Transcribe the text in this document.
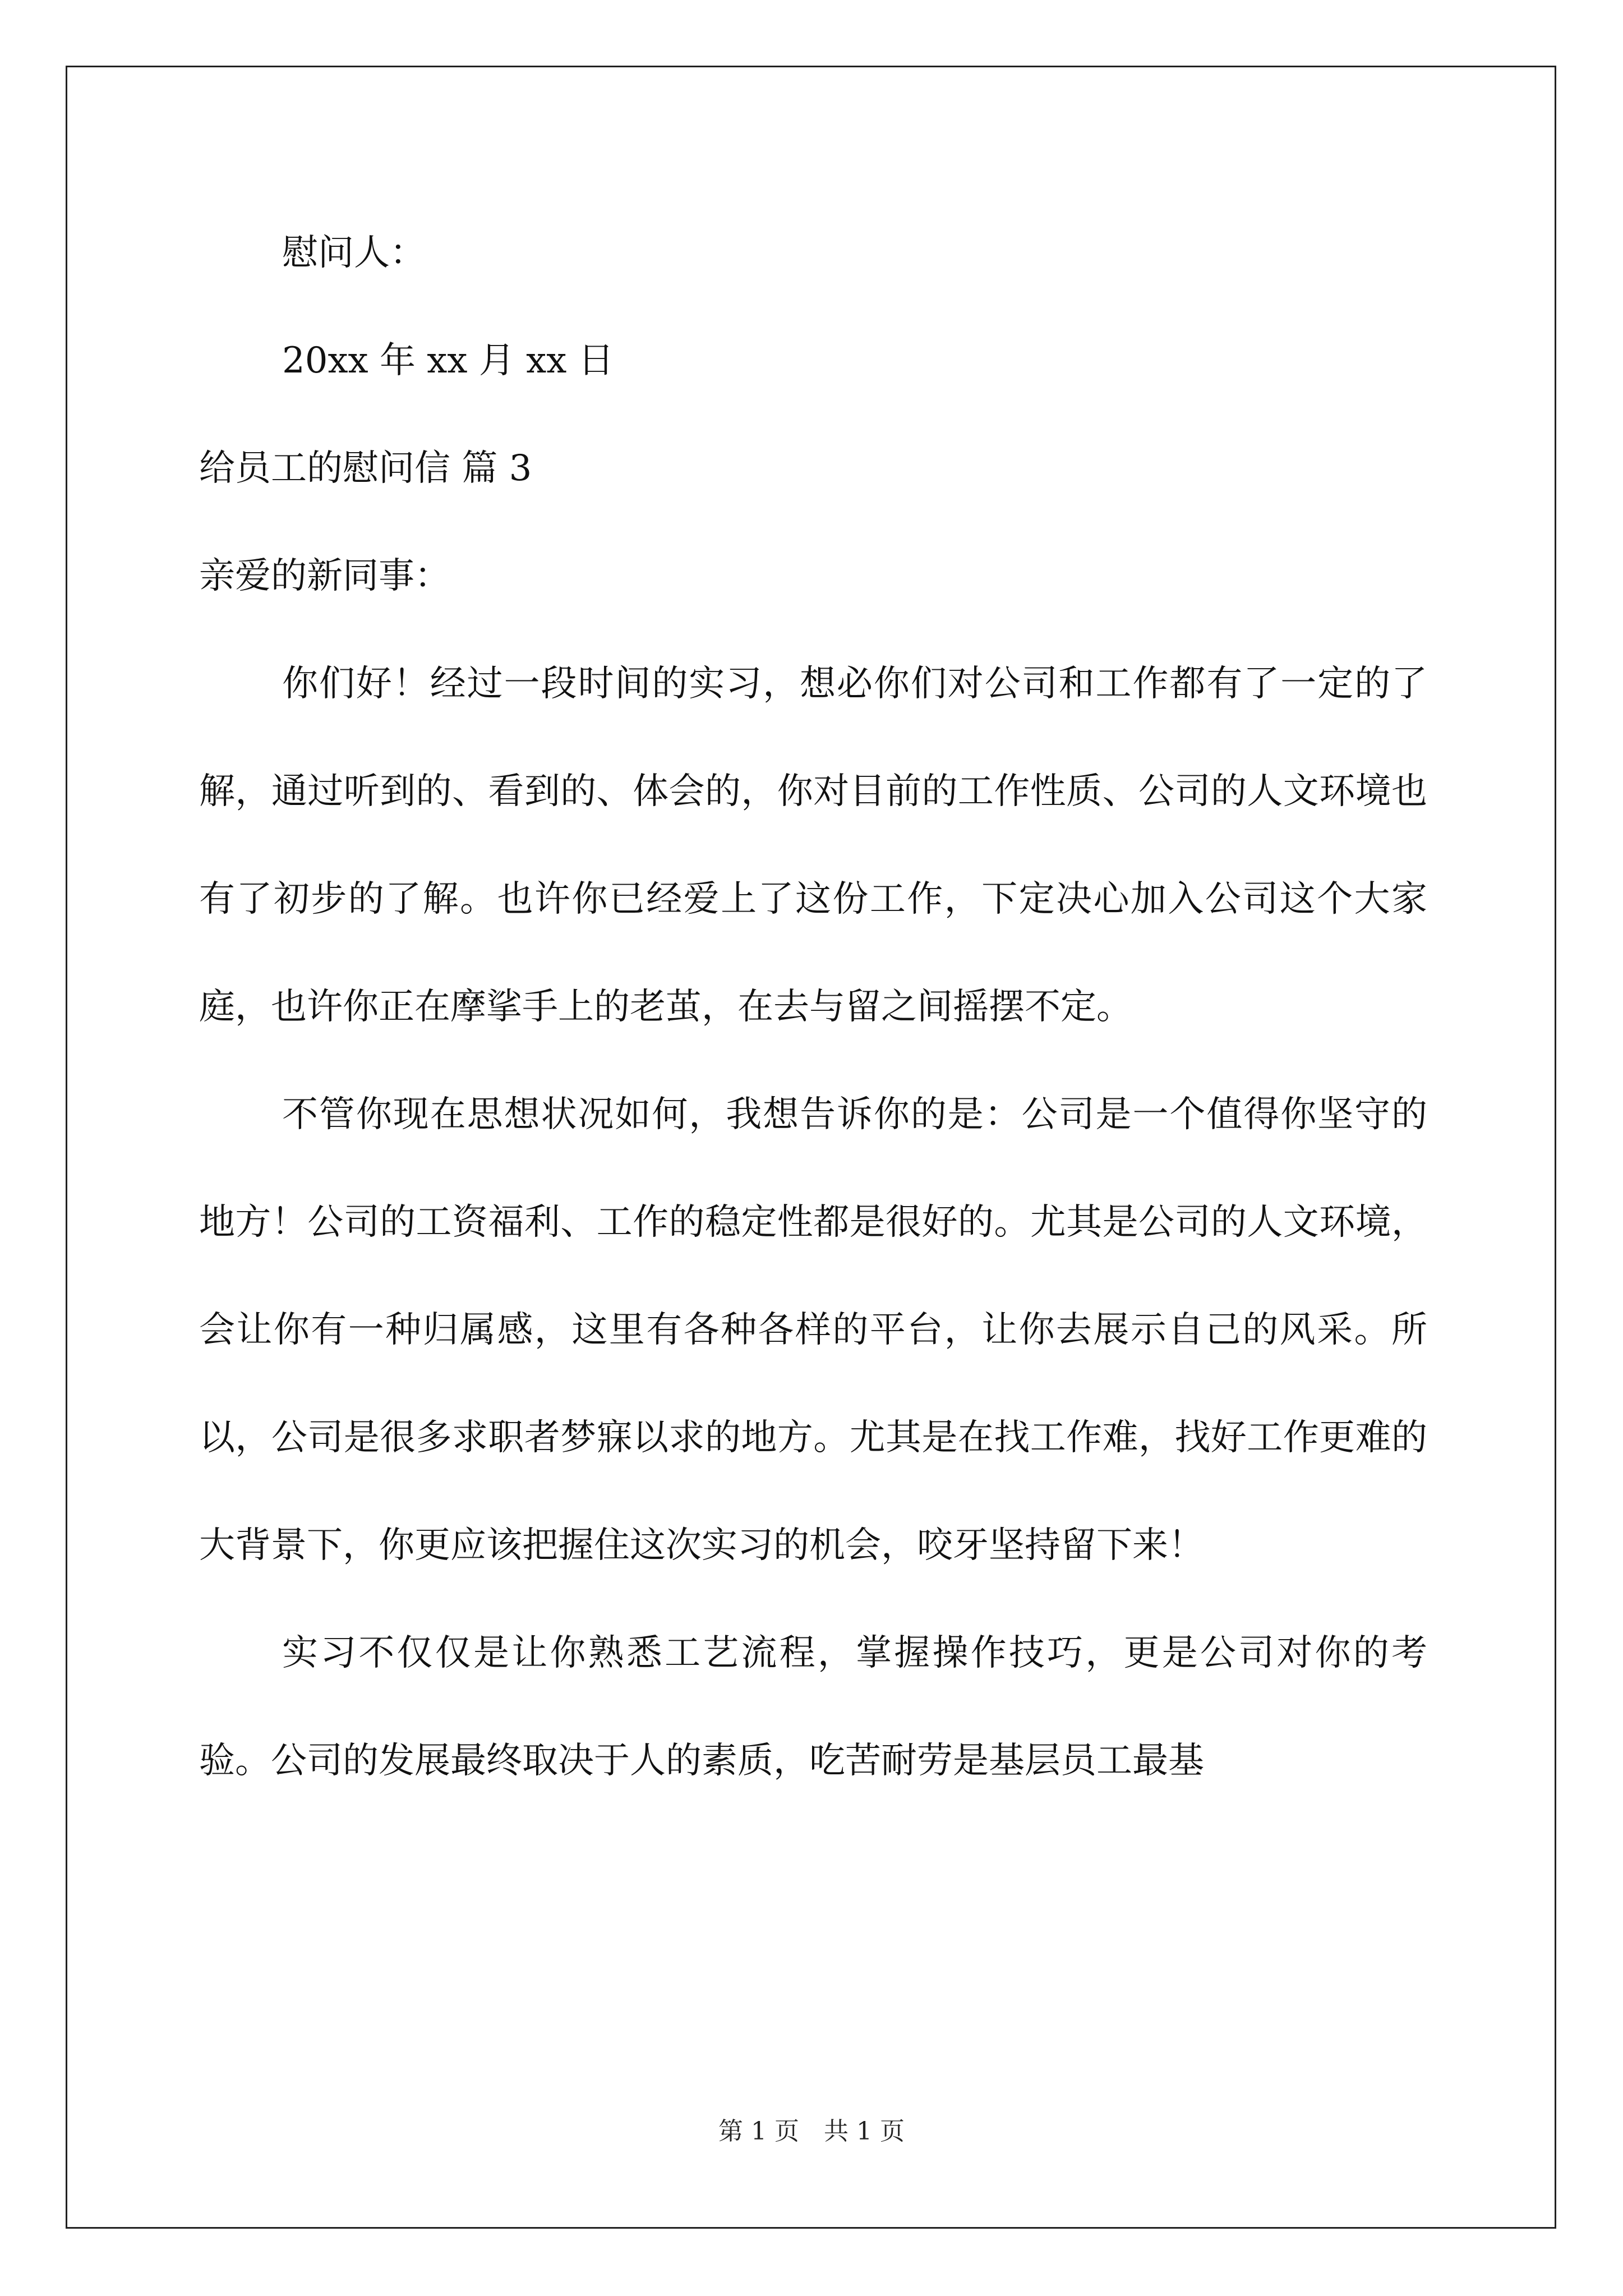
慰问人：

20xx 年 xx 月 xx 日

给员工的慰问信 篇 3

亲爱的新同事：

你们好！经过一段时间的实习，想必你们对公司和工作都有了一定的了解，通过听到的、看到的、体会的，你对目前的工作性质、公司的人文环境也有了初步的了解。也许你已经爱上了这份工作，下定决心加入公司这个大家庭，也许你正在摩挲手上的老茧，在去与留之间摇摆不定。

不管你现在思想状况如何，我想告诉你的是：公司是一个值得你坚守的地方！公司的工资福利、工作的稳定性都是很好的。尤其是公司的人文环境，会让你有一种归属感，这里有各种各样的平台，让你去展示自己的风采。所以，公司是很多求职者梦寐以求的地方。尤其是在找工作难，找好工作更难的大背景下，你更应该把握住这次实习的机会，咬牙坚持留下来！

实习不仅仅是让你熟悉工艺流程，掌握操作技巧，更是公司对你的考验。公司的发展最终取决于人的素质，吃苦耐劳是基层员工最基

第 1 页　共 1 页
